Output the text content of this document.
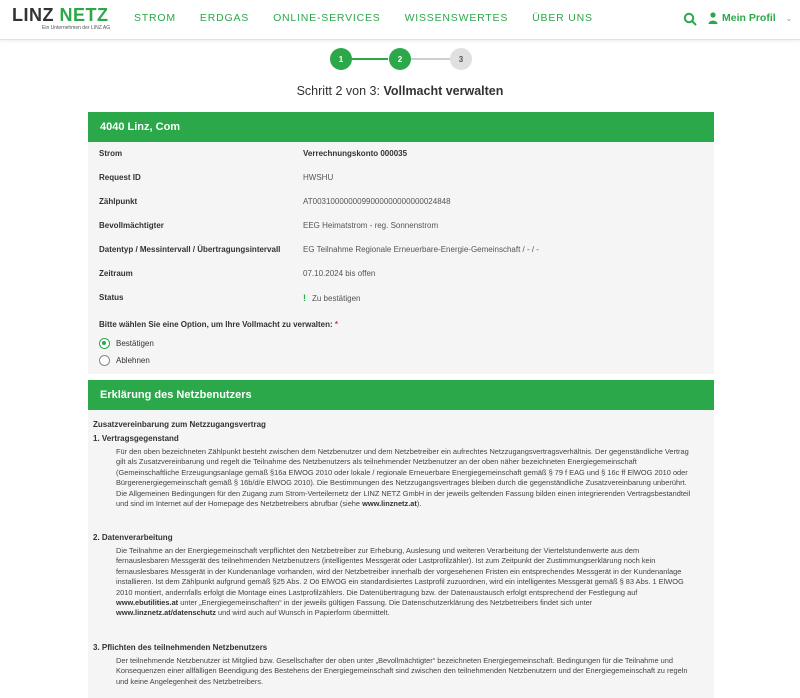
LINZ NETZ
Ein Unternehmen der LINZ AG
STROM ERDGAS ONLINE-SERVICES WISSENSWERTES ÜBER UNS	Mein Profil ⌄
1	2	3
Schritt 2 von 3: Vollmacht verwalten
4040 Linz, Com
Strom	Verrechnungskonto 000035
Request ID	HWSHU
Zählpunkt	AT0031000000099000000000000024848
Bevollmächtigter	EEG Heimatstrom - reg. Sonnenstrom
Datentyp / Messintervall / Übertragungsintervall	EG Teilnahme Regionale Erneuerbare-Energie-Gemeinschaft / - / -
Zeitraum	07.10.2024 bis offen
Status	! Zu bestätigen
Bitte wählen Sie eine Option, um Ihre Vollmacht zu verwalten: *
Bestätigen
Ablehnen
Erklärung des Netzbenutzers
Zusatzvereinbarung zum Netzzugangsvertrag
1. Vertragsgegenstand

Für den oben bezeichneten Zählpunkt besteht zwischen dem Netzbenutzer und dem Netzbetreiber ein aufrechtes Netzzugangsvertragsverhältnis. Der gegenständliche Vertrag gilt als Zusatzvereinbarung und regelt die Teilnahme des Netzbenutzers als teilnehmender Netzbenutzer an der oben näher bezeichneten Energiegemeinschaft (Gemeinschaftliche Erzeugungsanlage gemäß §16a ElWOG 2010 oder lokale / regionale Erneuerbare Energiegemeinschaft gemäß § 79 f EAG und § 16c ff ElWOG 2010 oder Bürgerenergiegemeinschaft gemäß § 16b/d/e ElWOG 2010). Die Bestimmungen des Netzzugangsvertrages bleiben durch die gegenständliche Zusatzvereinbarung unberührt. Die Allgemeinen Bedingungen für den Zugang zum Strom-Verteilernetz der LINZ NETZ GmbH in der jeweils geltenden Fassung bilden einen integrierenden Vertragsbestandteil und sind im Internet auf der Homepage des Netzbetreibers abrufbar (siehe www.linznetz.at).

2. Datenverarbeitung

Die Teilnahme an der Energiegemeinschaft verpflichtet den Netzbetreiber zur Erhebung, Auslesung und weiteren Verarbeitung der Viertelstundenwerte aus dem fernauslesbaren Messgerät des teilnehmenden Netzbenutzers (intelligentes Messgerät oder Lastprofilzähler). Ist zum Zeitpunkt der Zustimmungserklärung noch kein fernauslesbares Messgerät in der Kundenanlage vorhanden, wird der Netzbetreiber innerhalb der vorgesehenen Fristen ein entsprechendes Messgerät in der Kundenanlage installieren. Ist dem Zählpunkt aufgrund gemäß §25 Abs. 2 Oö ElWOG ein standardisiertes Lastprofil zuzuordnen, wird ein intelligentes Messgerät gemäß § 83 Abs. 1 ElWOG 2010 montiert, andernfalls erfolgt die Montage eines Lastprofilzählers. Die Datenübertragung bzw. der Datenaustausch erfolgt entsprechend der Festlegung auf www.ebutilities.at unter „Energiegemeinschaften“ in der jeweils gültigen Fassung. Die Datenschutzerklärung des Netzbetreibers findet sich unter www.linznetz.at/datenschutz und wird auch auf Wunsch in Papierform übermittelt.

3. Pflichten des teilnehmenden Netzbenutzers

Der teilnehmende Netzbenutzer ist Mitglied bzw. Gesellschafter der oben unter „Bevollmächtigter“ bezeichneten Energiegemeinschaft. Bedingungen für die Teilnahme und Konsequenzen einer allfälligen Beendigung des Bestehens der Energiegemeinschaft sind zwischen den teilnehmenden Netzbenutzern und der Energiegemeinschaft zu regeln und keine Angelegenheit des Netzbetreibers.
